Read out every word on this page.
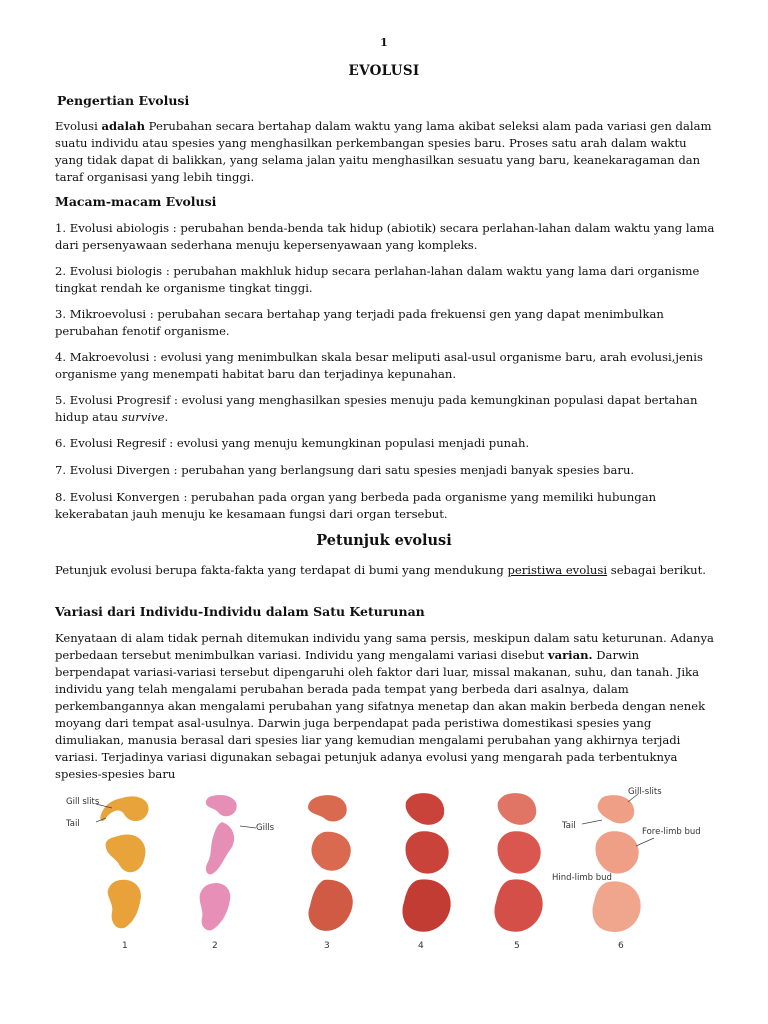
1
EVOLUSI
Pengertian Evolusi
Evolusi adalah Perubahan secara bertahap dalam waktu yang lama akibat seleksi alam pada variasi gen dalam suatu individu atau spesies yang menghasilkan perkembangan spesies baru. Proses satu arah dalam waktu yang tidak dapat di balikkan, yang selama jalan yaitu menghasilkan sesuatu yang baru, keanekaragaman dan taraf organisasi yang lebih tinggi.
Macam-macam Evolusi
1. Evolusi abiologis : perubahan benda-benda tak hidup (abiotik) secara perlahan-lahan dalam waktu yang lama dari persenyawaan sederhana menuju kepersenyawaan yang kompleks.
2. Evolusi biologis : perubahan makhluk hidup secara perlahan-lahan dalam waktu yang lama dari organisme tingkat rendah ke organisme tingkat tinggi.
3. Mikroevolusi : perubahan secara bertahap yang terjadi pada frekuensi gen yang dapat menimbulkan perubahan fenotif organisme.
4. Makroevolusi : evolusi yang menimbulkan skala besar meliputi asal-usul organisme baru, arah evolusi,jenis organisme yang menempati habitat baru dan terjadinya kepunahan.
5. Evolusi Progresif : evolusi yang menghasilkan spesies menuju pada kemungkinan populasi dapat bertahan hidup atau survive.
6. Evolusi Regresif : evolusi yang menuju kemungkinan populasi menjadi punah.
7. Evolusi Divergen : perubahan yang berlangsung dari satu spesies menjadi banyak spesies baru.
8. Evolusi Konvergen : perubahan pada organ yang berbeda pada organisme yang memiliki hubungan kekerabatan jauh menuju ke kesamaan fungsi dari organ tersebut.
Petunjuk evolusi
Petunjuk evolusi berupa fakta-fakta yang terdapat di bumi yang mendukung peristiwa evolusi sebagai berikut.
Variasi dari Individu-Individu dalam Satu Keturunan
Kenyataan di alam tidak pernah ditemukan individu yang sama persis, meskipun dalam satu keturunan. Adanya perbedaan tersebut menimbulkan variasi. Individu yang mengalami variasi disebut varian. Darwin berpendapat variasi-variasi tersebut dipengaruhi oleh faktor dari luar, missal makanan, suhu, dan tanah. Jika individu yang telah mengalami perubahan berada pada tempat yang berbeda dari asalnya, dalam perkembangannya akan mengalami perubahan yang sifatnya menetap dan akan makin berbeda dengan nenek moyang dari tempat asal-usulnya. Darwin juga berpendapat pada peristiwa domestikasi spesies yang dimuliakan, manusia berasal dari spesies liar yang kemudian mengalami perubahan yang akhirnya terjadi variasi. Terjadinya variasi digunakan sebagai petunjuk adanya evolusi yang mengarah pada terbentuknya spesies-spesies baru
Gill slits
Tail	Gills
Gill-slits
Tail
Fore-limb bud
Hind-limb bud
1	2	3	4	5	6
